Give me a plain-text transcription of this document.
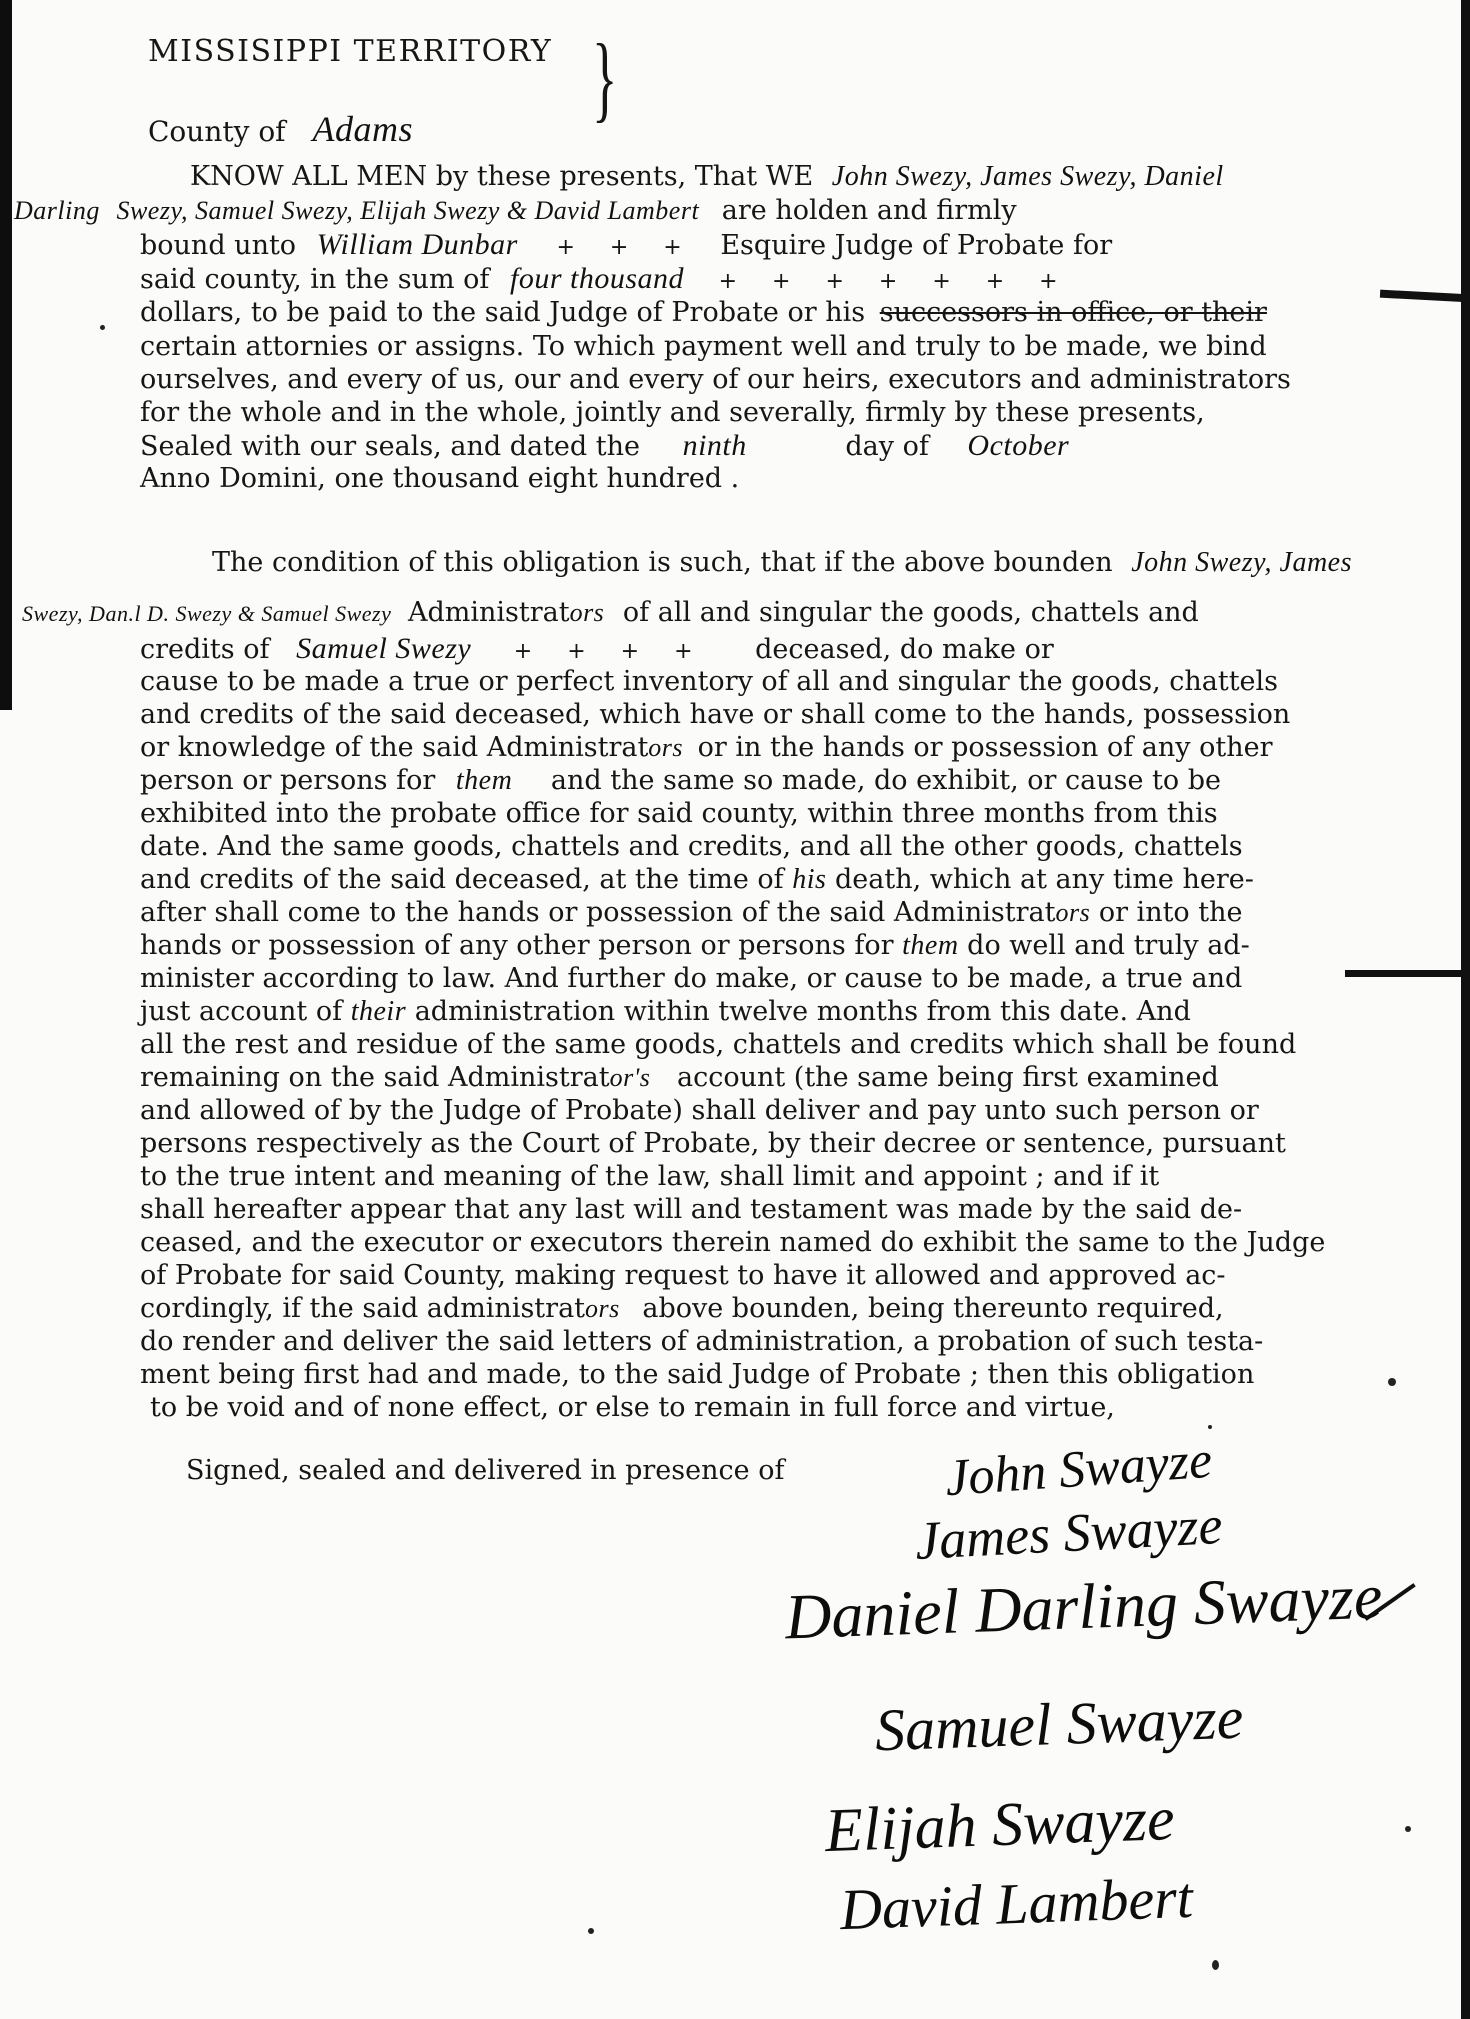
MISSISIPPI TERRITORY }
County of Adams
KNOW ALL MEN by these presents, That WE John Swezy, James Swezy, Daniel
Darling Swezy, Samuel Swezy, Elijah Swezy & David Lambert are holden and firmly
bound unto William Dunbar + + + Esquire Judge of Probate for
said county, in the sum of four thousand + + + + + + +
dollars, to be paid to the said Judge of Probate or his successors in office, or their
certain attornies or assigns. To which payment well and truly to be made, we bind
ourselves, and every of us, our and every of our heirs, executors and administrators
for the whole and in the whole, jointly and severally, firmly by these presents,
Sealed with our seals, and dated the ninth	day of October
Anno Domini, one thousand eight hundred .
The condition of this obligation is such, that if the above bounden John Swezy, James
Swezy, Dan.l D. Swezy & Samuel Swezy Administrators of all and singular the goods, chattels and
credits of Samuel Swezy + + + + deceased, do make or
cause to be made a true or perfect inventory of all and singular the goods, chattels
and credits of the said deceased, which have or shall come to the hands, possession
or knowledge of the said Administrators or in the hands or possession of any other
person or persons for them and the same so made, do exhibit, or cause to be
exhibited into the probate office for said county, within three months from this
date. And the same goods, chattels and credits, and all the other goods, chattels
and credits of the said deceased, at the time of his death, which at any time here-
after shall come to the hands or possession of the said Administrators or into the
hands or possession of any other person or persons for them do well and truly ad-
minister according to law. And further do make, or cause to be made, a true and
just account of their administration within twelve months from this date. And
all the rest and residue of the same goods, chattels and credits which shall be found
remaining on the said Administrator's account (the same being first examined
and allowed of by the Judge of Probate) shall deliver and pay unto such person or
persons respectively as the Court of Probate, by their decree or sentence, pursuant
to the true intent and meaning of the law, shall limit and appoint ; and if it
shall hereafter appear that any last will and testament was made by the said de-
ceased, and the executor or executors therein named do exhibit the same to the Judge
of Probate for said County, making request to have it allowed and approved ac-
cordingly, if the said administrators above bounden, being thereunto required,
do render and deliver the said letters of administration, a probation of such testa-
ment being first had and made, to the said Judge of Probate ; then this obligation
to be void and of none effect, or else to remain in full force and virtue,
Signed, sealed and delivered in presence of	John Swayze
James Swayze
Daniel Darling Swayze
Samuel Swayze
Elijah Swayze
David Lambert
